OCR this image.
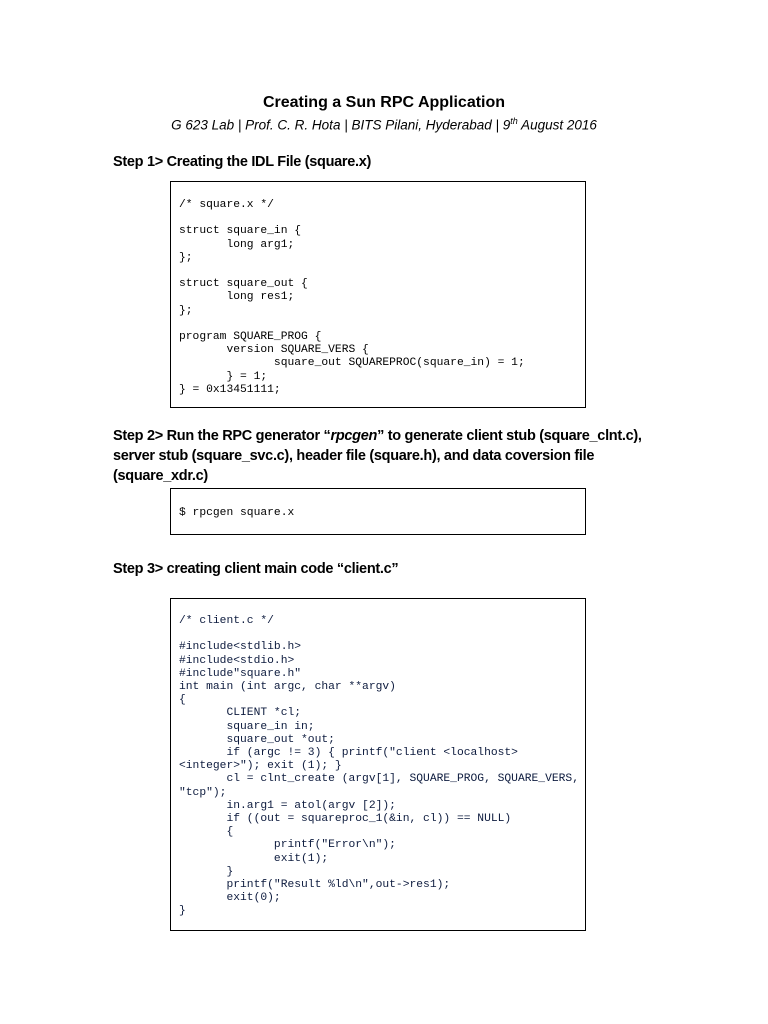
Creating a Sun RPC Application
G 623 Lab | Prof. C. R. Hota | BITS Pilani, Hyderabad | 9th August 2016
Step 1> Creating the IDL File (square.x)
/* square.x */

struct square_in {
long arg1;
};

struct square_out {
long res1;
};

program SQUARE_PROG {
version SQUARE_VERS {
square_out SQUAREPROC(square_in) = 1;
} = 1;
} = 0x13451111;
Step 2> Run the RPC generator “rpcgen” to generate client stub (square_clnt.c), server stub (square_svc.c), header file (square.h), and data coversion file (square_xdr.c)
$ rpcgen square.x
Step 3> creating client main code “client.c”
/* client.c */

#include<stdlib.h>
#include<stdio.h>
#include"square.h"
int main (int argc, char **argv)
{
CLIENT *cl;
square_in in;
square_out *out;
if (argc != 3) { printf("client <localhost>
<integer>"); exit (1); }
cl = clnt_create (argv[1], SQUARE_PROG, SQUARE_VERS,
"tcp");
in.arg1 = atol(argv [2]);
if ((out = squareproc_1(&in, cl)) == NULL)
{
printf("Error\n");
exit(1);
}
printf("Result %ld\n",out->res1);
exit(0);
}
